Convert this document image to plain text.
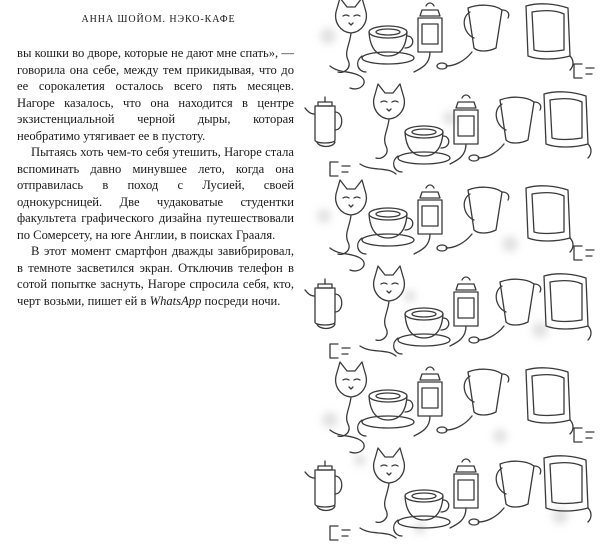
АННА ШОЙОМ. НЭКО-КАФЕ

вы кошки во дворе, которые не дают мне спать», — говорила она себе, между тем прикидывая, что до ее сорокалетия осталось всего пять месяцев. Нагоре казалось, что она находится в центре экзистенциальной черной дыры, которая необратимо утягивает ее в пустоту.

Пытаясь хоть чем-то себя утешить, Нагоре стала вспоминать давно минувшее лето, когда она отправилась в поход с Лусией, своей однокурсницей. Две чудаковатые студентки факультета графического дизайна путешествовали по Сомерсету, на юге Англии, в поисках Грааля.

В этот момент смартфон дважды завибрировал, в темноте засветился экран. Отключив телефон в сотой попытке заснуть, Нагоре спросила себя, кто, черт возьми, пишет ей в WhatsApp посреди ночи.
